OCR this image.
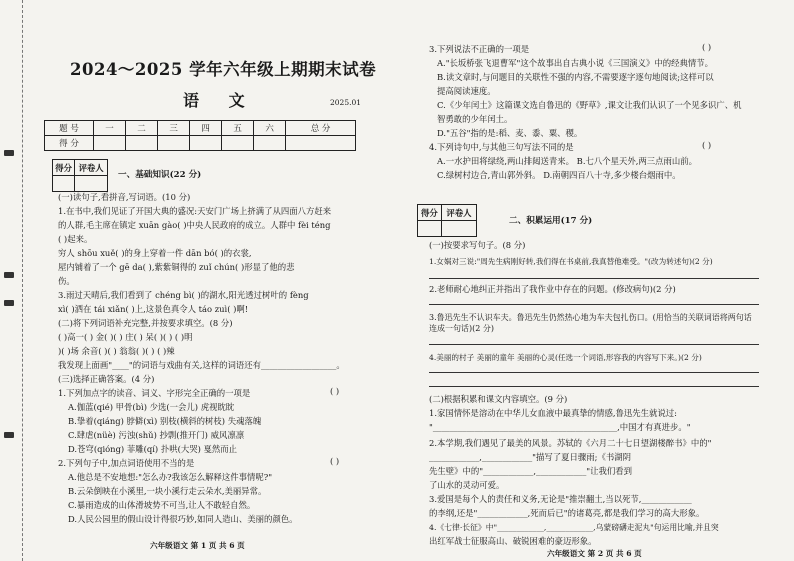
2024～2025 学年六年级上期期末试卷
语 文	2025.01
题 号	一	二	三	四	五	六	总 分
得 分							
得分	评卷人

一、基础知识(22 分)
(一)读句子,看拼音,写词语。(10 分)
1.在书中,我们见证了开国大典的盛况:天安门广场上挤满了从四面八方赶来
的人群,毛主席在镇定 xuān gào( )中央人民政府的成立。人群中 fèi téng
( )起来。
穷人 shōu xuě( )的身上穿着一件 dān bó( )的衣裳,
屋内铺着了一个 gē da( ),紫紫铜得的 zuǐ chún( )形显了他的悲
伤。
3.雨过天晴后,我们看到了 chéng bì( )的湖水,阳光透过树叶的 fèng
xì( )洒在 tái xiǎn( )上,这景色真令人 táo zuì( )啊!
(二)将下列词语补充完整,并按要求填空。(8 分)
( )高一( ) 金( )( ) 庄( ) 呆( )( ) ( )明
)( )场 余音( )( ) 翁翁( )( ) ( )辣
我发现上面画"____"的词语与戏曲有关,这样的词语还有__________________。
(三)选择正确答案。(4 分)
1.下列加点字的读音、词义、字形完全正确的一项是	( )
A.伽蓝(qié) 甲骨(bì) 少选(一会儿) 虎视眈眈
B.挚着(qiáng) 脖僻(xì) 别枝(横斜的树枝) 失魂落魄
C.肆虐(nüè) 污浊(shǔ) 抄剽(推开门) 威风凛凛
D.苍穹(qióng) 菲雕(qí) 扑哄(大哭) 戛然而止
2.下列句子中,加点词语使用不当的是	( )
A.他总是不安地想:"怎么办?我该怎么解释这件事情呢?"
B.云朵倒映在小溪里,一块小溪行走云朵水,美丽异常。
C.暴雨造成的山体滑坡势不可当,让人不敢轻自然。
D.人民公园里的假山设计得很巧妙,如同人造山、美丽的颜色。
六年级语文 第 1 页 共 6 页
3.下列说法不正确的一项是	( )
A."长坂桥张飞退曹军"这个故事出自古典小说《三国演义》中的经典情节。
B.读文章时,与问题目的关联性不强的内容,不需要逐字逐句地阅读;这样可以
提高阅读速度。
C.《少年闰土》这篇课文选自鲁迅的《野草》,课文让我们认识了一个见多识广、机
智勇敢的少年闰土。
D."五谷"指的是:稻、麦、黍、粟、稷。
4.下列诗句中,与其他三句写法不同的是	( )
A.一水护田将绿绕,两山排闼送青来。 B.七八个星天外,两三点雨山前。
C.绿树村边合,青山郭外斜。 D.南朝四百八十寺,多少楼台烟雨中。
得分	评卷人

二、积累运用(17 分)
(一)按要求写句子。(8 分)
1.女娲对三说:"周先生病刚好转,我们得在书桌前,我真替他难受。"(改为转述句)(2 分)
2.老师耐心地纠正并指出了我作业中存在的问题。(修改病句)(2 分)
3.鲁迅先生不认识车夫。鲁迅先生仍然热心地为车夫包扎伤口。(用恰当的关联词语将两句话连成一句话)(2 分)
4.美丽的村子 美丽的童年 美丽的心灵(任选一个词语,形容我的内容写下来。)(2 分)
(二)根据积累和课文内容填空。(9 分)
1.家国情怀是溶动在中华儿女血液中最真挚的情感,鲁迅先生就说过:
"____________________________________________,中国才有真进步。"
2.本学期,我们遇见了最美的风景。苏轼的《六月二十七日望湖楼醉书》中的"
____________,____________"描写了夏日骤雨;《书湖阴
先生壁》中的"____________,____________"让我们看到
了山水的灵动可爱。
3.爱国是每个人的责任和义务,无论是"推崇翻土,当以死节,____________
的李纲,还是"____________,死而后已"的诸葛亮,都是我们学习的高大形象。
4.《七律·长征》中"____________,____________,乌蒙磅礴走泥丸"句运用比喻,并且突
出红军战士征服高山、破锐困难的豪迈形象。
六年级语文 第 2 页 共 6 页
